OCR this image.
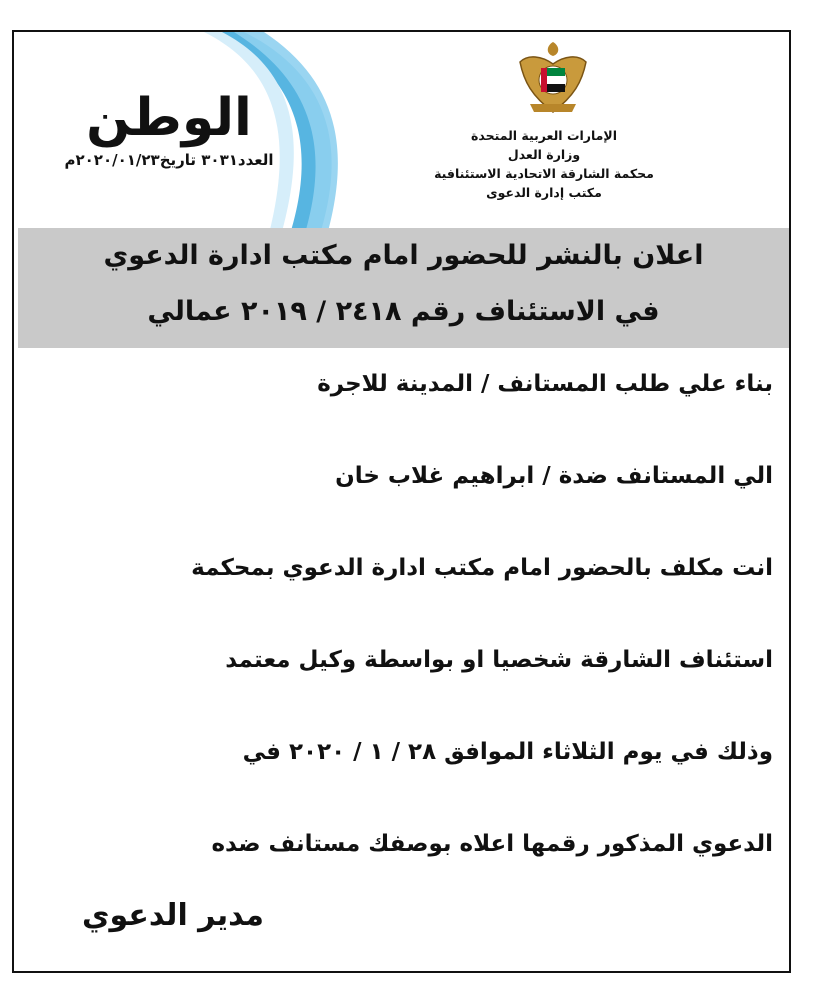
الوطن
العدد٣٠٣١ تاريخ٢٠٢٠/٠١/٢٣م
الإمارات العربية المتحدة
وزارة العدل
محكمة الشارقة الاتحادية الاستئنافية
مكتب إدارة الدعوى
اعلان بالنشر للحضور امام مكتب ادارة الدعوي
في الاستئناف رقم ٢٤١٨ / ٢٠١٩ عمالي
بناء علي طلب المستانف / المدينة للاجرة
الي المستانف ضدة / ابراهيم غلاب خان
انت مكلف بالحضور امام مكتب ادارة الدعوي بمحكمة
استئناف الشارقة شخصيا او بواسطة وكيل معتمد
وذلك في يوم الثلاثاء الموافق ٢٨ / ١ / ٢٠٢٠ في
الدعوي المذكور رقمها اعلاه بوصفك مستانف ضده
مدير الدعوي
